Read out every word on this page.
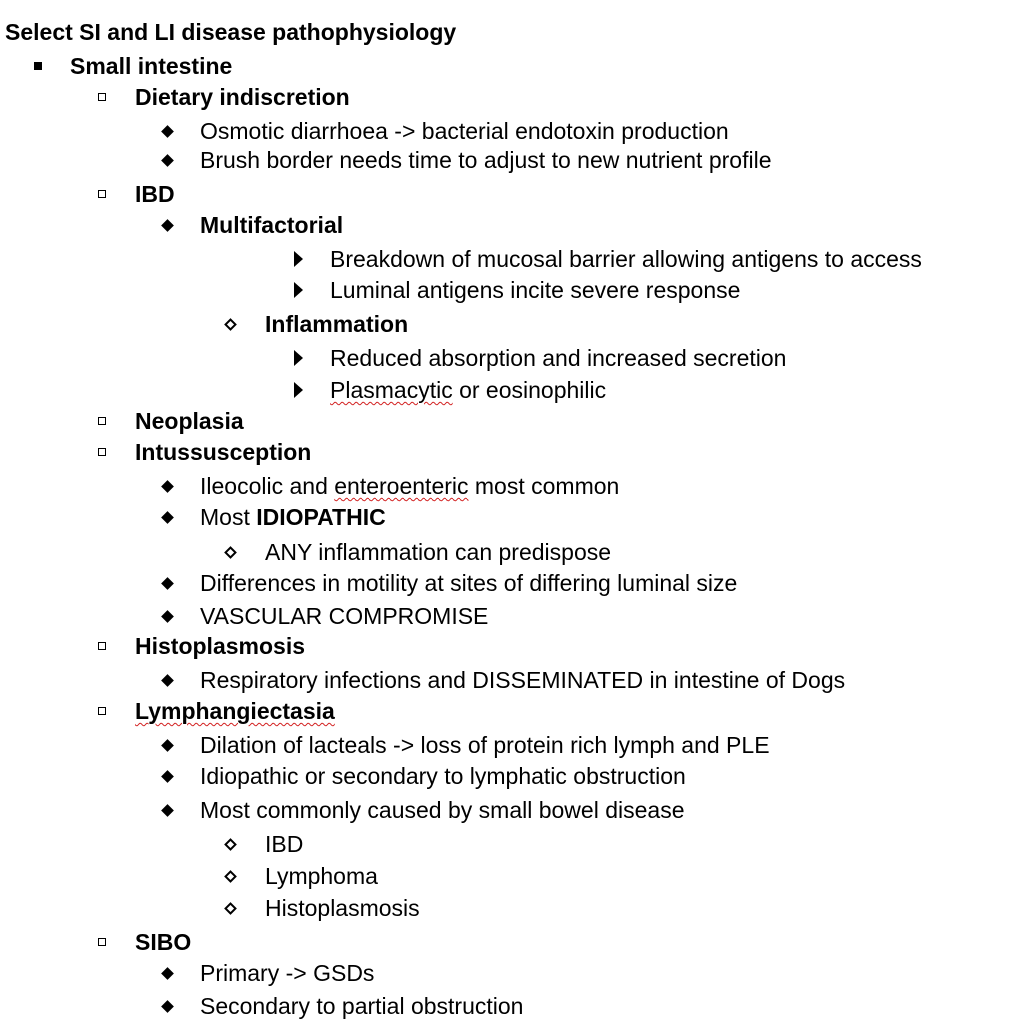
Select SI and LI disease pathophysiology
Small intestine
Dietary indiscretion
Osmotic diarrhoea -> bacterial endotoxin production
Brush border needs time to adjust to new nutrient profile
IBD
Multifactorial
Breakdown of mucosal barrier allowing antigens to access
Luminal antigens incite severe response
Inflammation
Reduced absorption and increased secretion
Plasmacytic or eosinophilic
Neoplasia
Intussusception
Ileocolic and enteroenteric most common
Most IDIOPATHIC
ANY inflammation can predispose
Differences in motility at sites of differing luminal size
VASCULAR COMPROMISE
Histoplasmosis
Respiratory infections and DISSEMINATED in intestine of Dogs
Lymphangiectasia
Dilation of lacteals -> loss of protein rich lymph and PLE
Idiopathic or secondary to lymphatic obstruction
Most commonly caused by small bowel disease
IBD
Lymphoma
Histoplasmosis
SIBO
Primary -> GSDs
Secondary to partial obstruction
